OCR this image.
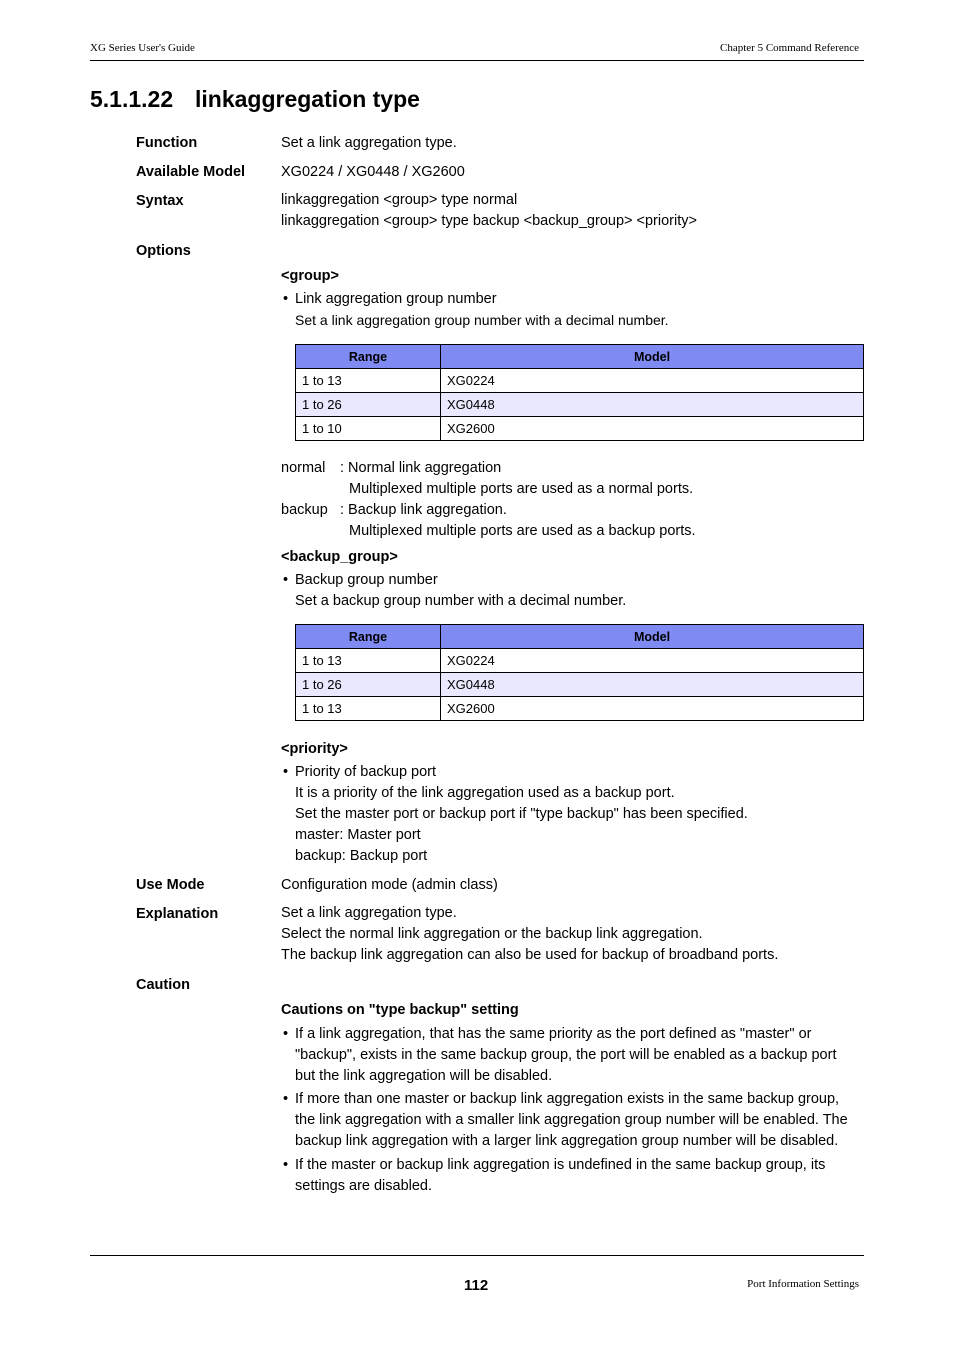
XG Series User's Guide	Chapter 5 Command Reference
5.1.1.22 linkaggregation type
Function	Set a link aggregation type.
Available Model XG0224 / XG0448 / XG2600
Syntax	linkaggregation <group> type normal
linkaggregation <group> type backup <backup_group> <priority>
Options
<group>
• Link aggregation group number
Set a link aggregation group number with a decimal number.
Range	Model
1 to 13	XG0224
1 to 26	XG0448
1 to 10	XG2600
normal : Normal link aggregation
Multiplexed multiple ports are used as a normal ports.
backup : Backup link aggregation.
Multiplexed multiple ports are used as a backup ports.
<backup_group>
• Backup group number
Set a backup group number with a decimal number.
Range	Model
1 to 13	XG0224
1 to 26	XG0448
1 to 13	XG2600
<priority>
• Priority of backup port
It is a priority of the link aggregation used as a backup port.
Set the master port or backup port if "type backup" has been specified.
master: Master port
backup: Backup port
Use Mode	Configuration mode (admin class)
Explanation	Set a link aggregation type.
Select the normal link aggregation or the backup link aggregation.
The backup link aggregation can also be used for backup of broadband ports.
Caution
Cautions on "type backup" setting
• If a link aggregation, that has the same priority as the port defined as "master" or
"backup", exists in the same backup group, the port will be enabled as a backup port
but the link aggregation will be disabled.
• If more than one master or backup link aggregation exists in the same backup group,
the link aggregation with a smaller link aggregation group number will be enabled. The
backup link aggregation with a larger link aggregation group number will be disabled.
• If the master or backup link aggregation is undefined in the same backup group, its
settings are disabled.
112	Port Information Settings
